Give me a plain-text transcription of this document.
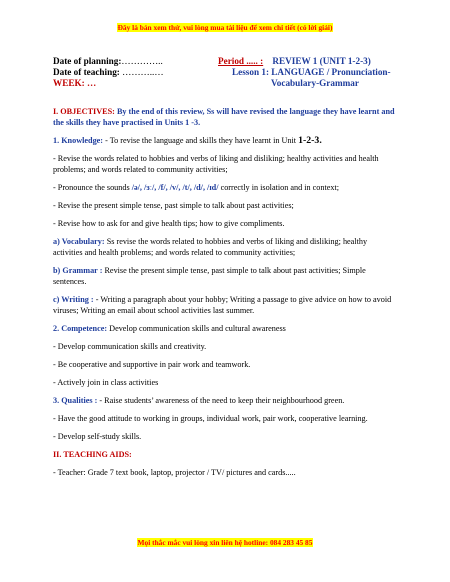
Đây là bản xem thử, vui lòng mua tài liệu để xem chi tiết (có lời giải)
Date of planning:…………..	Period ..... : REVIEW 1 (UNIT 1-2-3)
Date of teaching: ………..…	Lesson 1: LANGUAGE / Pronunciation-
WEEK: …	Vocabulary-Grammar

I. OBJECTIVES: By the end of this review, Ss will have revised the language they have learnt and the skills they have practised in Units 1 -3.

1. Knowledge: - To revise the language and skills they have learnt in Unit 1-2-3.

- Revise the words related to hobbies and verbs of liking and disliking; healthy activities and health problems; and words related to community activities;

- Pronounce the sounds /ə/, /ɜː/, /f/, /v/, /t/, /d/, /ɪd/ correctly in isolation and in context;

- Revise the present simple tense, past simple to talk about past activities;

- Revise how to ask for and give health tips; how to give compliments.

a) Vocabulary: Ss revise the words related to hobbies and verbs of liking and disliking; healthy activities and health problems; and words related to community activities;

b) Grammar : Revise the present simple tense, past simple to talk about past activities; Simple sentences.

c) Writing : - Writing a paragraph about your hobby; Writing a passage to give advice on how to avoid viruses; Writing an email about school activities last summer.

2. Competence: Develop communication skills and cultural awareness

- Develop communication skills and creativity.

- Be cooperative and supportive in pair work and teamwork.

- Actively join in class activities

3. Qualities : - Raise students’ awareness of the need to keep their neighbourhood green.

- Have the good attitude to working in groups, individual work, pair work, cooperative learning.

- Develop self-study skills.

II. TEACHING AIDS:

- Teacher: Grade 7 text book, laptop, projector / TV/ pictures and cards.....

Mọi thắc mắc vui lòng xin liên hệ hotline: 084 283 45 85
